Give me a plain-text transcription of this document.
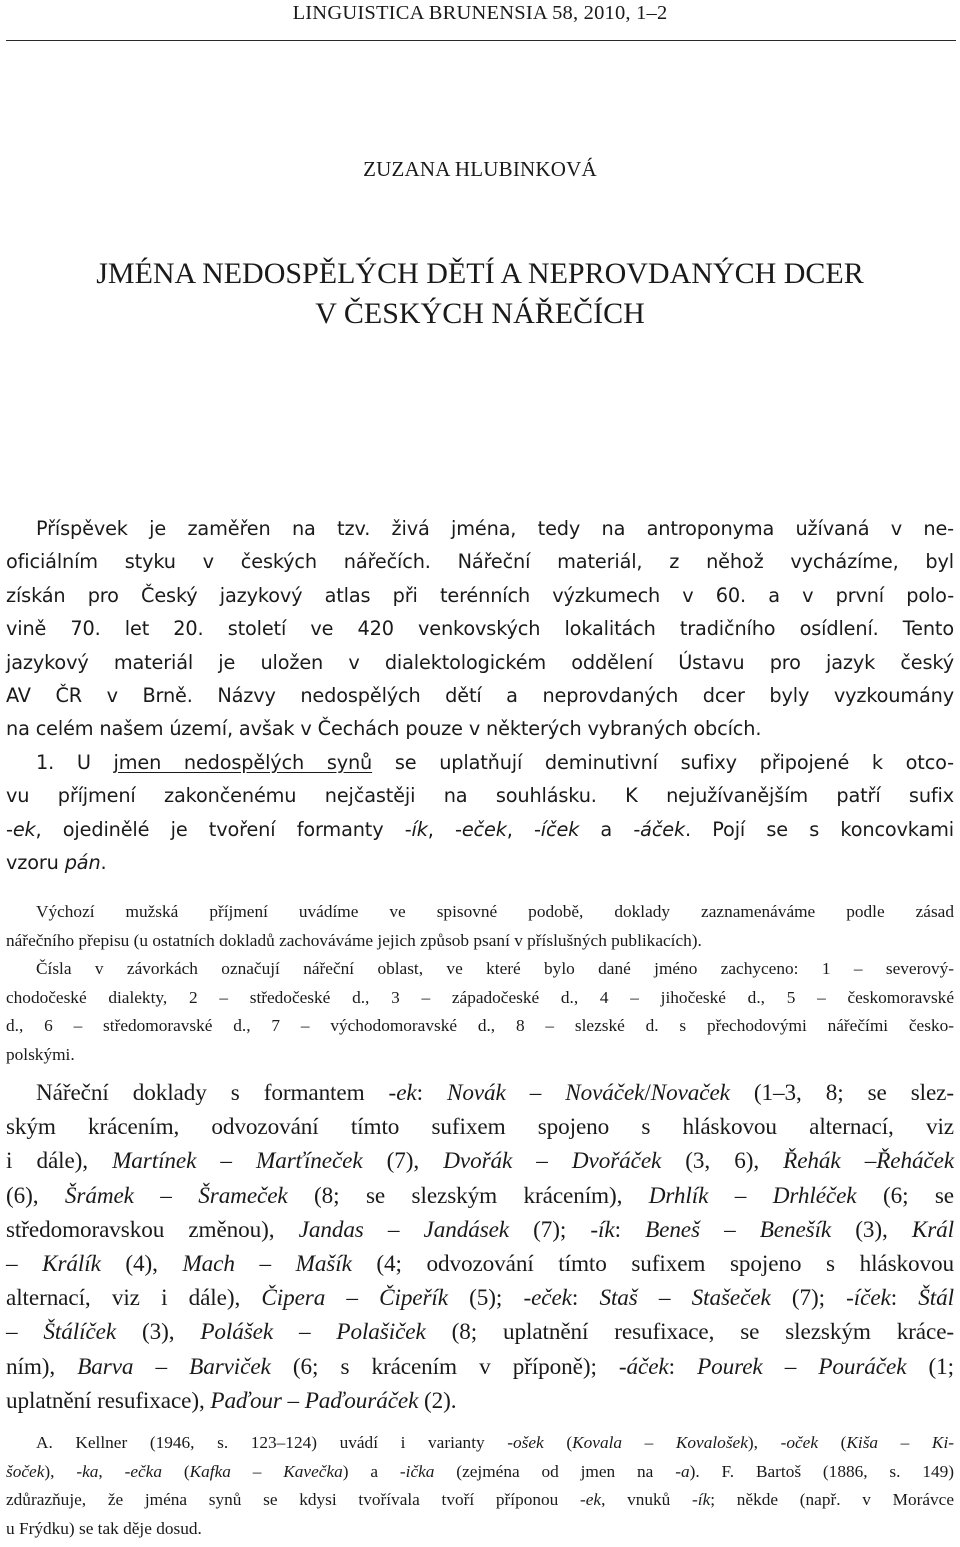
LINGUISTICA BRUNENSIA 58, 2010, 1–2
ZUZANA HLUBINKOVÁ
JMÉNA NEDOSPĚLÝCH DĚTÍ A NEPROVDANÝCH DCER
V ČESKÝCH NÁŘEČÍCH
Příspěvek je zaměřen na tzv. živá jména, tedy na antroponyma užívaná v ne-
oficiálním styku v českých nářečích. Nářeční materiál, z něhož vycházíme, byl
získán pro Český jazykový atlas při terénních výzkumech v 60. a v první polo-
vině 70. let 20. století ve 420 venkovských lokalitách tradičního osídlení. Tento
jazykový materiál je uložen v dialektologickém oddělení Ústavu pro jazyk český
AV ČR v Brně. Názvy nedospělých dětí a neprovdaných dcer byly vyzkoumány
na celém našem území, avšak v Čechách pouze v některých vybraných obcích.
1. U jmen nedospělých synů se uplatňují deminutivní sufixy připojené k otco-
vu příjmení zakončenému nejčastěji na souhlásku. K nejužívanějším patří sufix
-ek, ojedinělé je tvoření formanty -ík, -eček, -íček a -áček. Pojí se s koncovkami
vzoru pán.
Výchozí mužská příjmení uvádíme ve spisovné podobě, doklady zaznamenáváme podle zásad
nářečního přepisu (u ostatních dokladů zachováváme jejich způsob psaní v příslušných publikacích).
Čísla v závorkách označují nářeční oblast, ve které bylo dané jméno zachyceno: 1 – severový-
chodočeské dialekty, 2 – středočeské d., 3 – západočeské d., 4 – jihočeské d., 5 – českomoravské
d., 6 – středomoravské d., 7 – východomoravské d., 8 – slezské d. s přechodovými nářečími česko-
polskými.
Nářeční doklady s formantem -ek: Novák – Nováček/Novaček (1–3, 8; se slez-
ským krácením, odvozování tímto sufixem spojeno s hláskovou alternací, viz
i dále), Martínek – Marťíneček (7), Dvořák – Dvořáček (3, 6), Řehák –Řeháček
(6), Šrámek – Šrameček (8; se slezským krácením), Drhlík – Drhléček (6; se
středomoravskou změnou), Jandas – Jandásek (7); -ík: Beneš – Benešík (3), Král
– Králík (4), Mach – Mašík (4; odvozování tímto sufixem spojeno s hláskovou
alternací, viz i dále), Čipera – Čipeřík (5); -eček: Staš – Stašeček (7); -íček: Štál
– Štálíček (3), Polášek – Polašiček (8; uplatnění resufixace, se slezským kráce-
ním), Barva – Barviček (6; s krácením v příponě); -áček: Pourek – Pouráček (1;
uplatnění resufixace), Paďour – Paďouráček (2).
A. Kellner (1946, s. 123–124) uvádí i varianty -ošek (Kovala – Kovalošek), -oček (Kiša – Ki-
šoček), -ka, -ečka (Kafka – Kavečka) a -ička (zejména od jmen na -a). F. Bartoš (1886, s. 149)
zdůrazňuje, že jména synů se kdysi tvořívala tvoří příponou -ek, vnuků -ík; někde (např. v Morávce
u Frýdku) se tak děje dosud.
